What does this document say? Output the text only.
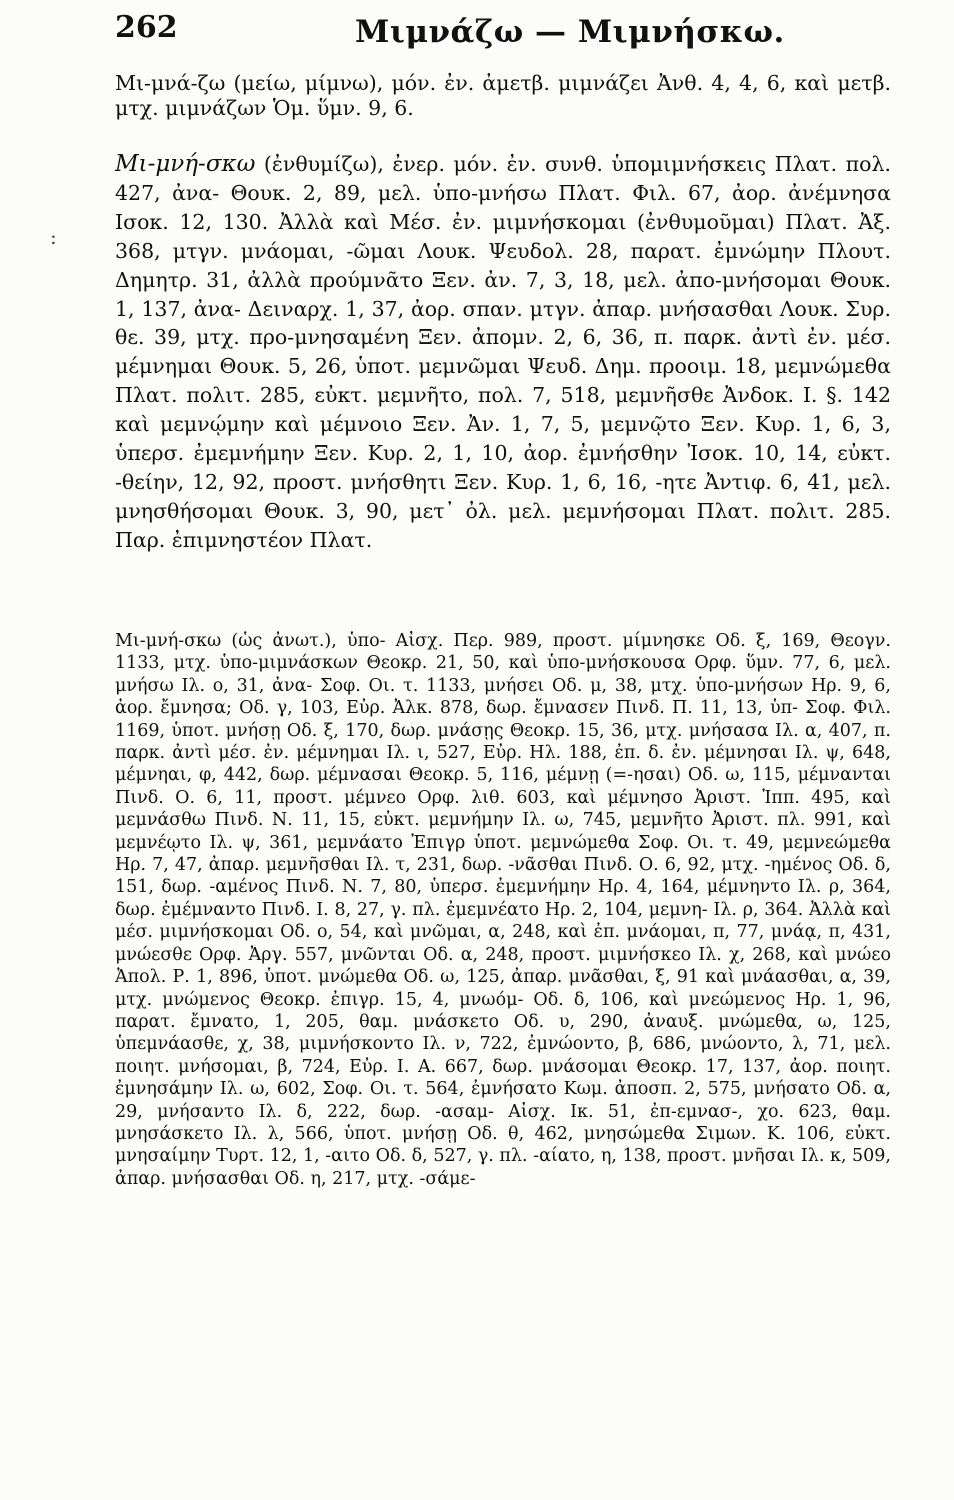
262	Μιμνάζω — Μιμνήσκω.
:

Μι-μνά-ζω (μείω, μίμνω), μόν. ἐν. ἀμετβ. μιμνάζει Ἀνθ. 4, 4, 6, καὶ μετβ. μτχ. μιμνάζων Ὁμ. ὕμν. 9, 6.

Μι-μνή-σκω (ἐνθυμίζω), ἐνερ. μόν. ἐν. συνθ. ὑπομιμνήσκεις Πλατ. πολ. 427, ἀνα- Θουκ. 2, 89, μελ. ὑπο-μνήσω Πλατ. Φιλ. 67, ἀορ. ἀνέμνησα Ισοκ. 12, 130. Ἀλλὰ καὶ Μέσ. ἐν. μιμνήσκομαι (ἐνθυμοῦμαι) Πλατ. Ἀξ. 368, μτγν. μνάομαι, -ῶμαι Λουκ. Ψευδολ. 28, παρατ. ἐμνώμην Πλουτ. Δημητρ. 31, ἀλλὰ προύμνᾶτο Ξεν. ἀν. 7, 3, 18, μελ. ἀπο-μνήσομαι Θουκ. 1, 137, ἀνα- Δειναρχ. 1, 37, ἀορ. σπαν. μτγν. ἀπαρ. μνήσασθαι Λουκ. Συρ. θε. 39, μτχ. προ-μνησαμένη Ξεν. ἀπομν. 2, 6, 36, π. παρκ. ἀντὶ ἐν. μέσ. μέμνημαι Θουκ. 5, 26, ὑποτ. μεμνῶμαι Ψευδ. Δημ. προοιμ. 18, μεμνώμεθα Πλατ. πολιτ. 285, εὐκτ. μεμνῆτο, πολ. 7, 518, μεμνῆσθε Ἀνδοκ. Ι. §. 142 καὶ μεμνῴμην καὶ μέμνοιο Ξεν. Ἀν. 1, 7, 5, μεμνῷτο Ξεν. Κυρ. 1, 6, 3, ὑπερσ. ἐμεμνήμην Ξεν. Κυρ. 2, 1, 10, ἀορ. ἐμνήσθην Ἰσοκ. 10, 14, εὐκτ. -θείην, 12, 92, προστ. μνήσθητι Ξεν. Κυρ. 1, 6, 16, -ητε Ἀντιφ. 6, 41, μελ. μνησθήσομαι Θουκ. 3, 90, μετ᾽ ὀλ. μελ. μεμνήσομαι Πλατ. πολιτ. 285. Παρ. ἐπιμνηστέον Πλατ.

Μι-μνή-σκω (ὡς ἀνωτ.), ὑπο- Αἰσχ. Περ. 989, προστ. μίμνησκε Οδ. ξ, 169, Θεογν. 1133, μτχ. ὑπο-μιμνάσκων Θεοκρ. 21, 50, καὶ ὑπο-μνήσκουσα Ορφ. ὕμν. 77, 6, μελ. μνήσω Ιλ. ο, 31, ἀνα- Σοφ. Οι. τ. 1133, μνήσει Οδ. μ, 38, μτχ. ὑπο-μνήσων Ηρ. 9, 6, ἀορ. ἔμνησα; Οδ. γ, 103, Εὐρ. Ἀλκ. 878, δωρ. ἔμνασεν Πινδ. Π. 11, 13, ὑπ- Σοφ. Φιλ. 1169, ὑποτ. μνήσῃ Οδ. ξ, 170, δωρ. μνάσῃς Θεοκρ. 15, 36, μτχ. μνήσασα Ιλ. α, 407, π. παρκ. ἀντὶ μέσ. ἐν. μέμνημαι Ιλ. ι, 527, Εὐρ. Ηλ. 188, ἐπ. δ. ἐν. μέμνησαι Ιλ. ψ, 648, μέμνηαι, φ, 442, δωρ. μέμνασαι Θεοκρ. 5, 116, μέμνῃ (=-ησαι) Οδ. ω, 115, μέμνανται Πινδ. Ο. 6, 11, προστ. μέμνεο Ορφ. λιθ. 603, καὶ μέμνησο Ἀριστ. Ἱππ. 495, καὶ μεμνάσθω Πινδ. Ν. 11, 15, εὐκτ. μεμνήμην Ιλ. ω, 745, μεμνῆτο Ἀριστ. πλ. 991, καὶ μεμνέῳτο Ιλ. ψ, 361, μεμνάατο Ἐπιγρ ὑποτ. μεμνώμεθα Σοφ. Οι. τ. 49, μεμνεώμεθα Ηρ. 7, 47, ἀπαρ. μεμνῆσθαι Ιλ. τ, 231, δωρ. -νᾶσθαι Πινδ. Ο. 6, 92, μτχ. -ημένος Οδ. δ, 151, δωρ. -αμένος Πινδ. Ν. 7, 80, ὑπερσ. ἐμεμνήμην Ηρ. 4, 164, μέμνηντο Ιλ. ρ, 364, δωρ. ἐμέμναντο Πινδ. Ι. 8, 27, γ. πλ. ἐμεμνέατο Ηρ. 2, 104, μεμνη- Ιλ. ρ, 364. Ἀλλὰ καὶ μέσ. μιμνήσκομαι Οδ. ο, 54, καὶ μνῶμαι, α, 248, καὶ ἐπ. μνάομαι, π, 77, μνάᾳ, π, 431, μνώεσθε Ορφ. Ἀργ. 557, μνῶνται Οδ. α, 248, προστ. μιμνήσκεο Ιλ. χ, 268, καὶ μνώεο Ἀπολ. Ρ. 1, 896, ὑποτ. μνώμεθα Οδ. ω, 125, ἀπαρ. μνᾶσθαι, ξ, 91 καὶ μνάασθαι, α, 39, μτχ. μνώμενος Θεοκρ. ἐπιγρ. 15, 4, μνωόμ- Οδ. δ, 106, καὶ μνεώμενος Ηρ. 1, 96, παρατ. ἔμνατο, 1, 205, θαμ. μνάσκετο Οδ. υ, 290, ἀναυξ. μνώμεθα, ω, 125, ὑπεμνάασθε, χ, 38, μιμνήσκοντο Ιλ. ν, 722, ἐμνώοντο, β, 686, μνώοντο, λ, 71, μελ. ποιητ. μνήσομαι, β, 724, Εὐρ. Ι. Α. 667, δωρ. μνάσομαι Θεοκρ. 17, 137, ἀορ. ποιητ. ἐμνησάμην Ιλ. ω, 602, Σοφ. Οι. τ. 564, ἐμνήσατο Κωμ. ἀποσπ. 2, 575, μνήσατο Οδ. α, 29, μνήσαντο Ιλ. δ, 222, δωρ. -ασαμ- Αἰσχ. Ικ. 51, ἐπ-εμνασ-, χο. 623, θαμ. μνησάσκετο Ιλ. λ, 566, ὑποτ. μνήσῃ Οδ. θ, 462, μνησώμεθα Σιμων. Κ. 106, εὐκτ. μνησαίμην Τυρτ. 12, 1, -αιτο Οδ. δ, 527, γ. πλ. -αίατο, η, 138, προστ. μνῆσαι Ιλ. κ, 509, ἀπαρ. μνήσασθαι Οδ. η, 217, μτχ. -σάμε-
